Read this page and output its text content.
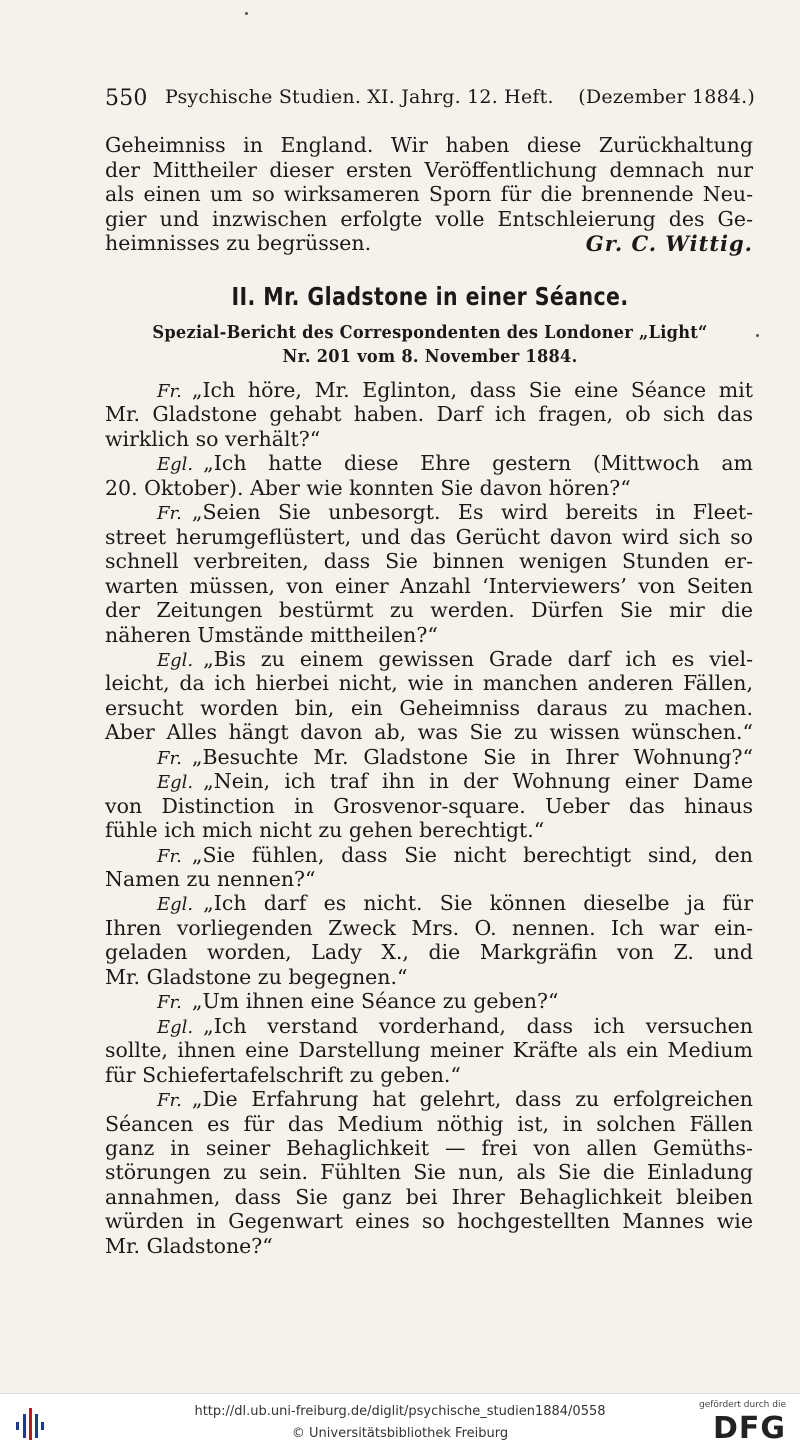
550 Psychische Studien. XI. Jahrg. 12. Heft. (Dezember 1884.)
Geheimniss in England. Wir haben diese Zurückhaltung
der Mittheiler dieser ersten Veröffentlichung demnach nur
als einen um so wirksameren Sporn für die brennende Neu-
gier und inzwischen erfolgte volle Entschleierung des Ge-
heimnisses zu begrüssen.	Gr. C. Wittig.
II. Mr. Gladstone in einer Séance.
Spezial-Bericht des Correspondenten des Londoner „Light“
Nr. 201 vom 8. November 1884.
Fr. „Ich höre, Mr. Eglinton, dass Sie eine Séance mit
Mr. Gladstone gehabt haben. Darf ich fragen, ob sich das
wirklich so verhält?“
Egl. „Ich hatte diese Ehre gestern (Mittwoch am
20. Oktober). Aber wie konnten Sie davon hören?“
Fr. „Seien Sie unbesorgt. Es wird bereits in Fleet-
street herumgeflüstert, und das Gerücht davon wird sich so
schnell verbreiten, dass Sie binnen wenigen Stunden er-
warten müssen, von einer Anzahl ‘Interviewers’ von Seiten
der Zeitungen bestürmt zu werden. Dürfen Sie mir die
näheren Umstände mittheilen?“
Egl. „Bis zu einem gewissen Grade darf ich es viel-
leicht, da ich hierbei nicht, wie in manchen anderen Fällen,
ersucht worden bin, ein Geheimniss daraus zu machen.
Aber Alles hängt davon ab, was Sie zu wissen wünschen.“
Fr. „Besuchte Mr. Gladstone Sie in Ihrer Wohnung?“
Egl. „Nein, ich traf ihn in der Wohnung einer Dame
von Distinction in Grosvenor-square. Ueber das hinaus
fühle ich mich nicht zu gehen berechtigt.“
Fr. „Sie fühlen, dass Sie nicht berechtigt sind, den
Namen zu nennen?“
Egl. „Ich darf es nicht. Sie können dieselbe ja für
Ihren vorliegenden Zweck Mrs. O. nennen. Ich war ein-
geladen worden, Lady X., die Markgräfin von Z. und
Mr. Gladstone zu begegnen.“
Fr. „Um ihnen eine Séance zu geben?“
Egl. „Ich verstand vorderhand, dass ich versuchen
sollte, ihnen eine Darstellung meiner Kräfte als ein Medium
für Schiefertafelschrift zu geben.“
Fr. „Die Erfahrung hat gelehrt, dass zu erfolgreichen
Séancen es für das Medium nöthig ist, in solchen Fällen
ganz in seiner Behaglichkeit — frei von allen Gemüths-
störungen zu sein. Fühlten Sie nun, als Sie die Einladung
annahmen, dass Sie ganz bei Ihrer Behaglichkeit bleiben
würden in Gegenwart eines so hochgestellten Mannes wie
Mr. Gladstone?“
http://dl.ub.uni-freiburg.de/diglit/psychische_studien1884/0558
© Universitätsbibliothek Freiburg
gefördert durch die
DFG
